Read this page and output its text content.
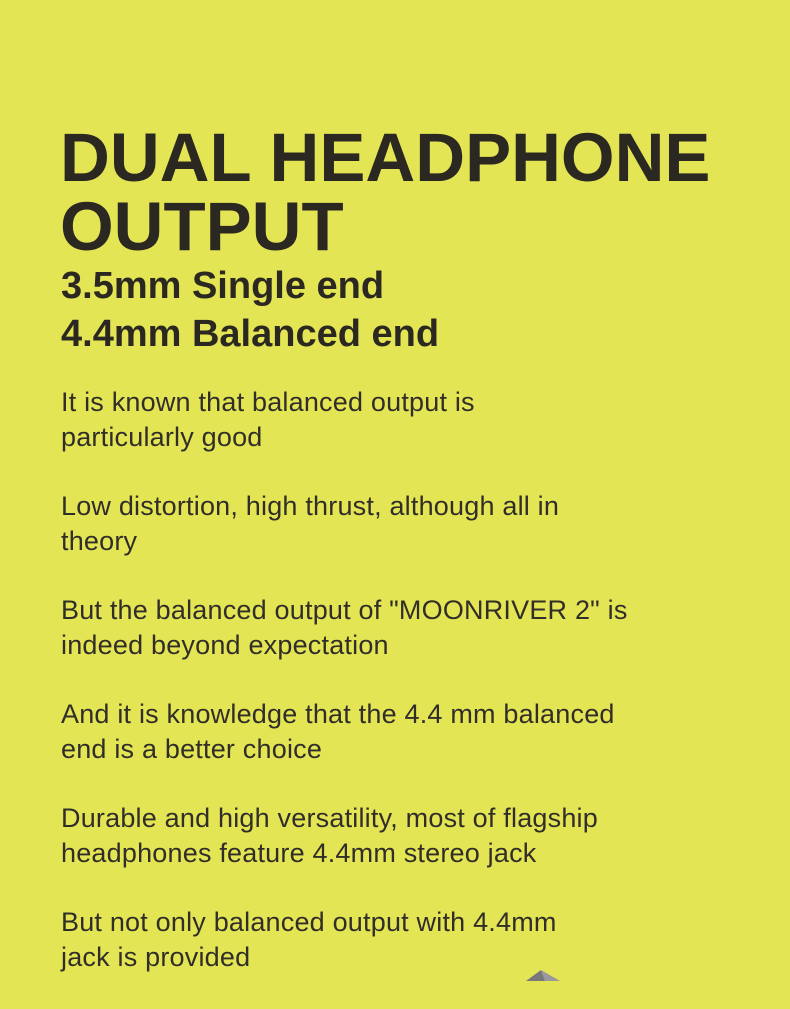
DUAL HEADPHONE
OUTPUT
3.5mm Single end
4.4mm Balanced end

It is known that balanced output is
particularly good

Low distortion, high thrust, although all in
theory

But the balanced output of "MOONRIVER 2" is
indeed beyond expectation

And it is knowledge that the 4.4 mm balanced
end is a better choice

Durable and high versatility, most of flagship
headphones feature 4.4mm stereo jack

But not only balanced output with 4.4mm
jack is provided
